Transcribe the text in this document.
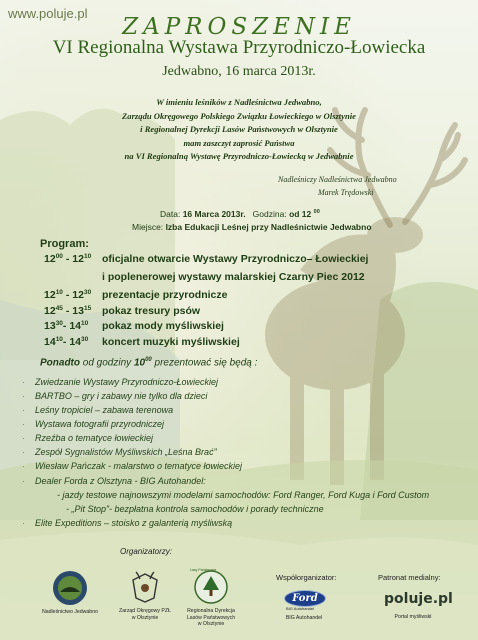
www.poluje.pl
ZAPROSZENIE
VI Regionalna Wystawa Przyrodniczo-Łowiecka
Jedwabno, 16 marca 2013r.
W imieniu leśników z Nadleśnictwa Jedwabno,
Zarządu Okręgowego Polskiego Związku Łowieckiego w Olsztynie
i Regionalnej Dyrekcji Lasów Państwowych w Olsztynie
mam zaszczyt zaprosić Państwa
na VI Regionalną Wystawę Przyrodniczo-Łowiecką w Jedwabnie
Nadleśniczy Nadleśnictwa Jedwabno
Marek Trędowski
Data: 16 Marca 2013r. Godzina: od 12 $^{00}$
Miejsce: Izba Edukacji Leśnej przy Nadleśnictwie Jedwabno
Program:
$12^{00} - 12^{10}$ oficjalne otwarcie Wystawy Przyrodniczo– Łowieckiej
i poplenerowej wystawy malarskiej Czarny Piec 2012
$12^{10} - 12^{30}$ prezentacje przyrodnicze
$12^{45} - 13^{15}$ pokaz tresury psów
$13^{30}-$ $14^{10}$ pokaz mody myśliwskiej
$14^{10}-$ $14^{30}$ koncert muzyki myśliwskiej
Ponadto od godziny $10^{00}$ prezentować się będą :
· Zwiedzanie Wystawy Przyrodniczo-Łowieckiej
· BARTBO – gry i zabawy nie tylko dla dzieci
· Leśny tropiciel – zabawa terenowa
· Wystawa fotografii przyrodniczej
· Rzeźba o tematyce łowieckiej
· Zespół Sygnalistów Myśliwskich „Leśna Brać”
· Wiesław Pańczak - malarstwo o tematyce łowieckiej
· Dealer Forda z Olsztyna - BIG Autohandel:
- jazdy testowe najnowszymi modelami samochodów: Ford Ranger, Ford Kuga i Ford Custom
- „Pit Stop”- bezpłatna kontrola samochodów i porady techniczne
· Elite Expeditions – stoisko z galanterią myśliwską
Organizatorzy:
Współorganizator:	Patronat medialny:
Nadleśnictwo Jedwabno	Zarząd Okręgowy PZŁ
w Olsztynie
Lasy Państwowe
Regionalna Dyrekcja
Lasów Państwowych
w Olsztynie
Ford
BIG Autohandel
BIG Autohandel
poluje.pl
Portal myśliwski
